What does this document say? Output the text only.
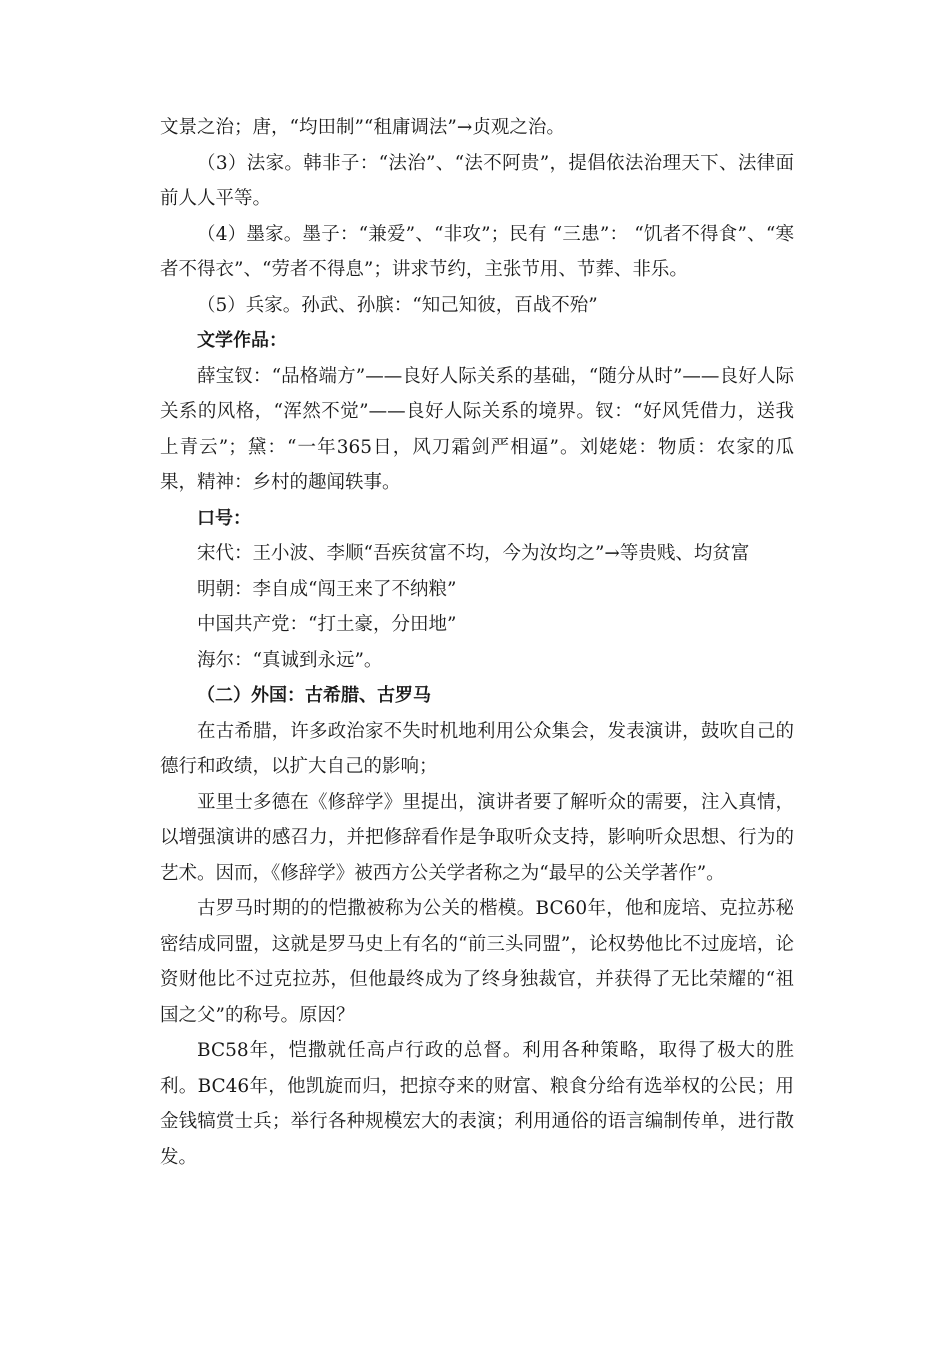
文景之治；唐，“均田制”“租庸调法”→贞观之治。

（3）法家。韩非子：“法治”、“法不阿贵”，提倡依法治理天下、法律面前人人平等。

（4）墨家。墨子：“兼爱”、“非攻”；民有 “三患”： “饥者不得食”、“寒者不得衣”、“劳者不得息”；讲求节约，主张节用、节葬、非乐。

（5）兵家。孙武、孙膑：“知己知彼，百战不殆”

文学作品：

薛宝钗：“品格端方”——良好人际关系的基础，“随分从时”——良好人际关系的风格，“浑然不觉”——良好人际关系的境界。钗：“好风凭借力，送我上青云”；黛：“一年365日，风刀霜剑严相逼”。刘姥姥：物质：农家的瓜果，精神：乡村的趣闻轶事。

口号：

宋代：王小波、李顺“吾疾贫富不均，今为汝均之”→等贵贱、均贫富

明朝：李自成“闯王来了不纳粮”

中国共产党：“打土豪，分田地”

海尔：“真诚到永远”。

（二）外国：古希腊、古罗马

在古希腊，许多政治家不失时机地利用公众集会，发表演讲，鼓吹自己的德行和政绩，以扩大自己的影响；

亚里士多德在《修辞学》里提出，演讲者要了解听众的需要，注入真情，以增强演讲的感召力，并把修辞看作是争取听众支持，影响听众思想、行为的艺术。因而，《修辞学》被西方公关学者称之为“最早的公关学著作”。

古罗马时期的的恺撒被称为公关的楷模。BC60年，他和庞培、克拉苏秘密结成同盟，这就是罗马史上有名的“前三头同盟”，论权势他比不过庞培，论资财他比不过克拉苏，但他最终成为了终身独裁官，并获得了无比荣耀的“祖国之父”的称号。原因？

BC58年，恺撒就任高卢行政的总督。利用各种策略，取得了极大的胜利。BC46年，他凯旋而归，把掠夺来的财富、粮食分给有选举权的公民；用金钱犒赏士兵；举行各种规模宏大的表演；利用通俗的语言编制传单，进行散发。
